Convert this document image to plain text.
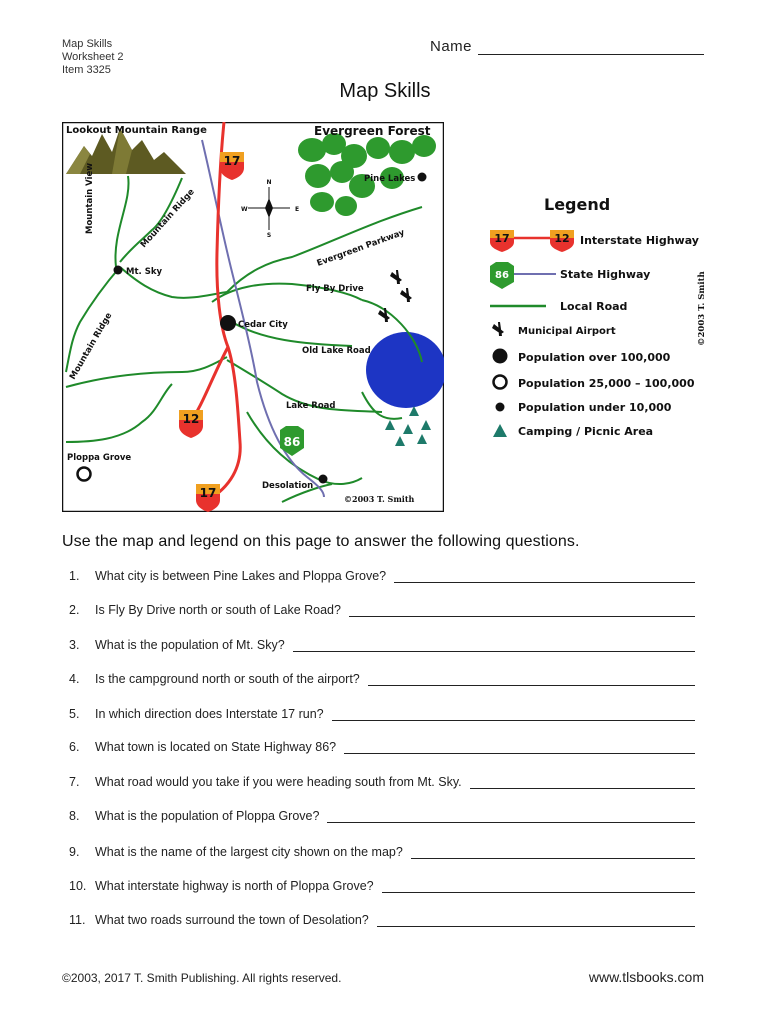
Map Skills
Worksheet 2
Item 3325
Name
Map Skills
17
12
86
17
N
S
E
W
Lookout Mountain Range	Evergreen Forest
Pine Lakes
Mountain View	Mountain Ridge
Mountain Ridge
Evergreen Parkway
Mt. Sky
Fly By Drive
Cedar City
Old Lake Road
Lake Road
Ploppa Grove
Desolation
©2003 T. Smith
Legend
17	12 Interstate Highway
86	State Highway
Local Road
Municipal Airport
Population over 100,000
Population 25,000 – 100,000
Population under 10,000
Camping / Picnic Area
©2003 T. Smith
Use the map and legend on this page to answer the following questions.
1.	What city is between Pine Lakes and Ploppa Grove?
2.	Is Fly By Drive north or south of Lake Road?
3.	What is the population of Mt. Sky?
4.	Is the campground north or south of the airport?
5.	In which direction does Interstate 17 run?
6.	What town is located on State Highway 86?
7.	What road would you take if you were heading south from Mt. Sky.
8.	What is the population of Ploppa Grove?
9.	What is the name of the largest city shown on the map?
10. What interstate highway is north of Ploppa Grove?
11. What two roads surround the town of Desolation?
©2003, 2017 T. Smith Publishing. All rights reserved.	www.tlsbooks.com
